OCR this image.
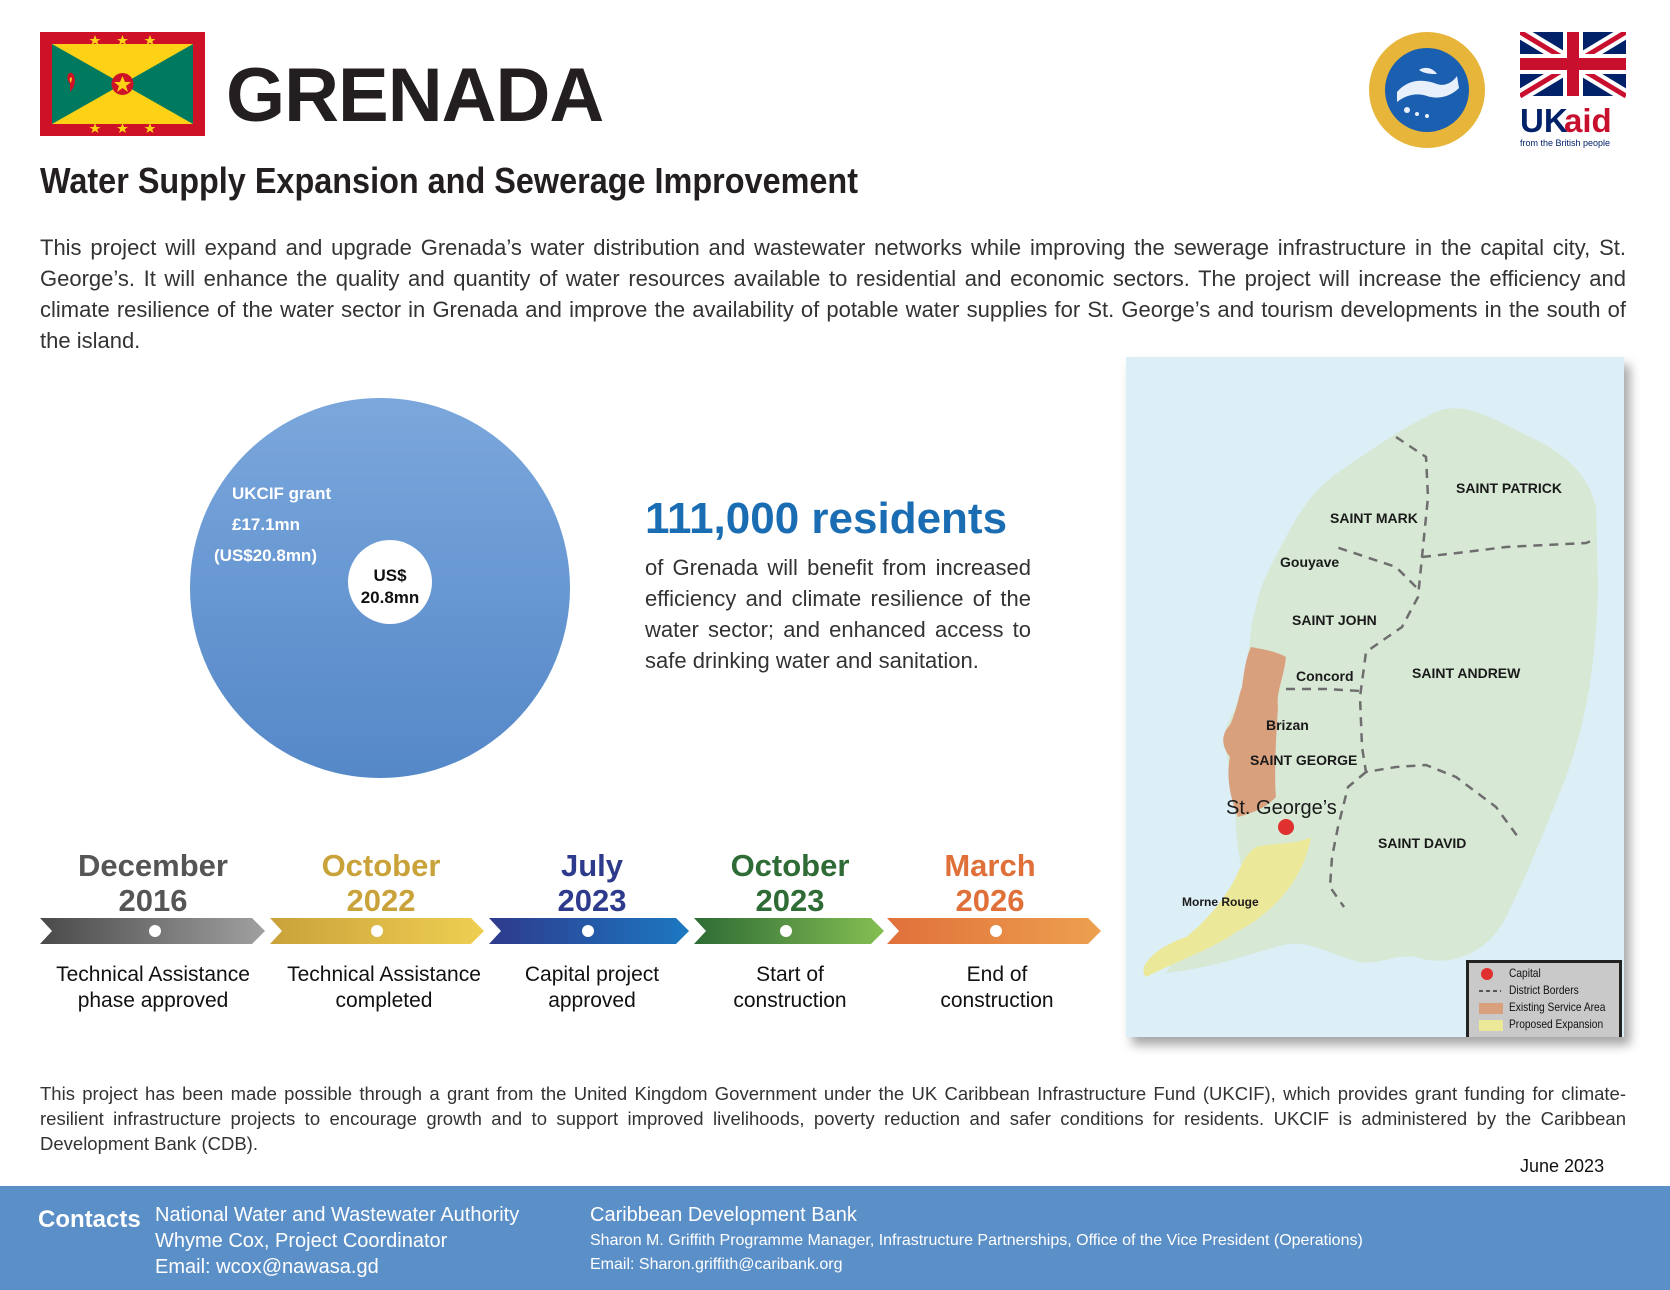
GRENADA	UK
aid
from the British people
Water Supply Expansion and Sewerage Improvement
This project will expand and upgrade Grenada’s water distribution and wastewater networks while improving the sewerage infrastructure in the capital city, St. George’s. It will enhance the quality and quantity of water resources available to residential and economic sectors. The project will increase the efficiency and climate resilience of the water sector in Grenada and improve the availability of potable water supplies for St. George’s and tourism developments in the south of the island.
UKCIF grant
£17.1mn
(US$20.8mn)
US$
20.8mn
111,000 residents
of Grenada will benefit from increased efficiency and climate resilience of the water sector; and enhanced access to safe drinking water and sanitation.
SAINT PATRICK
SAINT MARK
SAINT JOHN
SAINT ANDREW
SAINT GEORGE
SAINT DAVID
Gouyave
Concord
Brizan
Morne Rouge
St. George’s
Capital
District Borders
Existing Service Area
Proposed Expansion
December
2016
Technical Assistance
phase approved
October
2022
Technical Assistance
completed
July
2023
Capital project
approved
October
2023
Start of
construction
March
2026
End of
construction
This project has been made possible through a grant from the United Kingdom Government under the UK Caribbean Infrastructure Fund (UKCIF), which provides grant funding for climate-resilient infrastructure projects to encourage growth and to support improved livelihoods, poverty reduction and safer conditions for residents. UKCIF is administered by the Caribbean Development Bank (CDB).
June 2023
Contacts National Water and Wastewater Authority
Whyme Cox, Project Coordinator
Email: wcox@nawasa.gd
Caribbean Development Bank
Sharon M. Griffith Programme Manager, Infrastructure Partnerships, Office of the Vice President (Operations)
Email: Sharon.griffith@caribank.org
